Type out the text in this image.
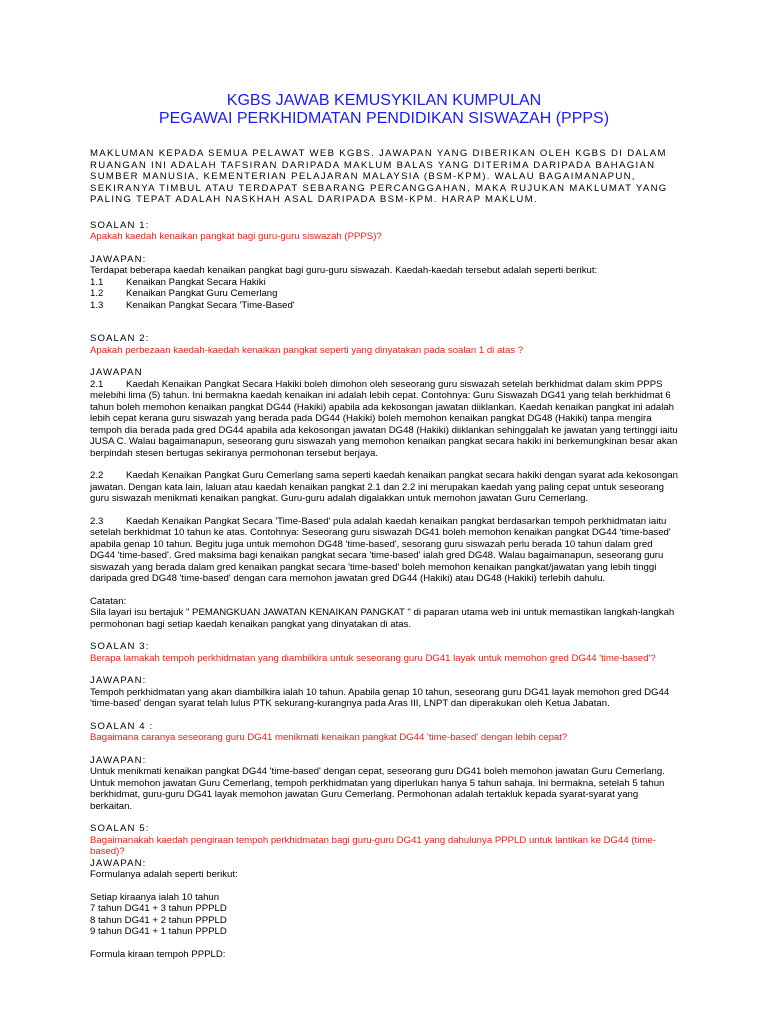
KGBS JAWAB KEMUSYKILAN KUMPULAN

PEGAWAI PERKHIDMATAN PENDIDIKAN SISWAZAH (PPPS)

MAKLUMAN KEPADA SEMUA PELAWAT WEB KGBS. JAWAPAN YANG DIBERIKAN OLEH KGBS DI DALAM RUANGAN INI ADALAH TAFSIRAN DARIPADA MAKLUM BALAS YANG DITERIMA DARIPADA BAHAGIAN SUMBER MANUSIA, KEMENTERIAN PELAJARAN MALAYSIA (BSM-KPM). WALAU BAGAIMANAPUN, SEKIRANYA TIMBUL ATAU TERDAPAT SEBARANG PERCANGGAHAN, MAKA RUJUKAN MAKLUMAT YANG PALING TEPAT ADALAH NASKHAH ASAL DARIPADA BSM-KPM. HARAP MAKLUM.

SOALAN 1:

Apakah kaedah kenaikan pangkat bagi guru-guru siswazah (PPPS)?

JAWAPAN:

Terdapat beberapa kaedah kenaikan pangkat bagi guru-guru siswazah. Kaedah-kaedah tersebut adalah seperti berikut:

1.1	Kenaikan Pangkat Secara Hakiki
1.2	Kenaikan Pangkat Guru Cemerlang
1.3	Kenaikan Pangkat Secara 'Time-Based'

SOALAN 2:

Apakah perbezaan kaedah-kaedah kenaikan pangkat seperti yang dinyatakan pada soalan 1 di atas ?

JAWAPAN

2.1 Kaedah Kenaikan Pangkat Secara Hakiki boleh dimohon oleh seseorang guru siswazah setelah berkhidmat dalam skim PPPS melebihi lima (5) tahun. Ini bermakna kaedah kenaikan ini adalah lebih cepat. Contohnya: Guru Siswazah DG41 yang telah berkhidmat 6 tahun boleh memohon kenaikan pangkat DG44 (Hakiki) apabila ada kekosongan jawatan diiklankan. Kaedah kenaikan pangkat ini adalah lebih cepat kerana guru siswazah yang berada pada DG44 (Hakiki) boleh memohon kenaikan pangkat DG48 (Hakiki) tanpa mengira tempoh dia berada pada gred DG44 apabila ada kekosongan jawatan DG48 (Hakiki) diiklankan sehinggalah ke jawatan yang tertinggi iaitu JUSA C. Walau bagaimanapun, seseorang guru siswazah yang memohon kenaikan pangkat secara hakiki ini berkemungkinan besar akan berpindah stesen bertugas sekiranya permohonan tersebut berjaya.

2.2 Kaedah Kenaikan Pangkat Guru Cemerlang sama seperti kaedah kenaikan pangkat secara hakiki dengan syarat ada kekosongan jawatan. Dengan kata lain, laluan atau kaedah kenaikan pangkat 2.1 dan 2.2 ini merupakan kaedah yang paling cepat untuk seseorang guru siswazah menikmati kenaikan pangkat. Guru-guru adalah digalakkan untuk memohon jawatan Guru Cemerlang.

2.3 Kaedah Kenaikan Pangkat Secara 'Time-Based' pula adalah kaedah kenaikan pangkat berdasarkan tempoh perkhidmatan iaitu setelah berkhidmat 10 tahun ke atas. Contohnya: Seseorang guru siswazah DG41 boleh memohon kenaikan pangkat DG44 'time-based' apabila genap 10 tahun. Begitu juga untuk memohon DG48 'time-based', sesorang guru siswazah perlu berada 10 tahun dalam gred DG44 'time-based'. Gred maksima bagi kenaikan pangkat secara 'time-based' ialah gred DG48. Walau bagaimanapun, seseorang guru siswazah yang berada dalam gred kenaikan pangkat secara 'time-based' boleh memohon kenaikan pangkat/jawatan yang lebih tinggi daripada gred DG48 'time-based' dengan cara memohon jawatan gred DG44 (Hakiki) atau DG48 (Hakiki) terlebih dahulu.

Catatan:

Sila layari isu bertajuk " PEMANGKUAN JAWATAN KENAIKAN PANGKAT " di paparan utama web ini untuk memastikan langkah-langkah permohonan bagi setiap kaedah kenaikan pangkat yang dinyatakan di atas.

SOALAN 3:

Berapa lamakah tempoh perkhidmatan yang diambilkira untuk seseorang guru DG41 layak untuk memohon gred DG44 'time-based'?

JAWAPAN:

Tempoh perkhidmatan yang akan diambilkira ialah 10 tahun. Apabila genap 10 tahun, seseorang guru DG41 layak memohon gred DG44 'time-based' dengan syarat telah lulus PTK sekurang-kurangnya pada Aras III, LNPT dan diperakukan oleh Ketua Jabatan.

SOALAN 4 :

Bagaimana caranya seseorang guru DG41 menikmati kenaikan pangkat DG44 'time-based' dengan lebih cepat?

JAWAPAN:

Untuk menikmati kenaikan pangkat DG44 'time-based' dengan cepat, seseorang guru DG41 boleh memohon jawatan Guru Cemerlang. Untuk memohon jawatan Guru Cemerlang, tempoh perkhidmatan yang diperlukan hanya 5 tahun sahaja. Ini bermakna, setelah 5 tahun berkhidmat, guru-guru DG41 layak memohon jawatan Guru Cemerlang. Permohonan adalah tertakluk kepada syarat-syarat yang berkaitan.

SOALAN 5:

Bagaimanakah kaedah pengiraan tempoh perkhidmatan bagi guru-guru DG41 yang dahulunya PPPLD untuk lantikan ke DG44 (time-based)?

JAWAPAN:

Formulanya adalah seperti berikut:

Setiap kiraanya ialah 10 tahun

7 tahun DG41 + 3 tahun PPPLD

8 tahun DG41 + 2 tahun PPPLD

9 tahun DG41 + 1 tahun PPPLD

Formula kiraan tempoh PPPLD:
